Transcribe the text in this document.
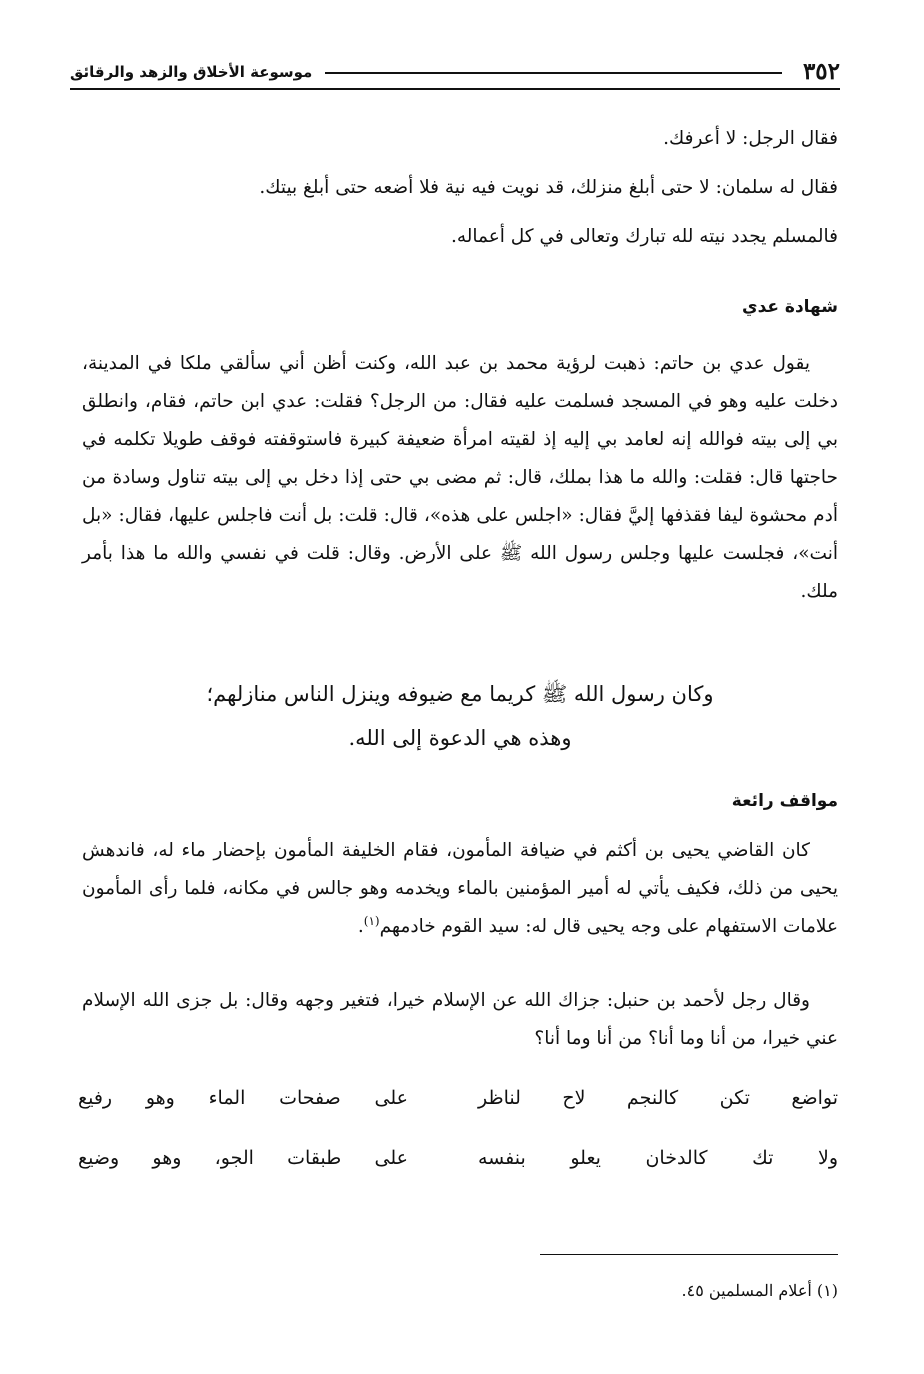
٣٥٢
موسوعة الأخلاق والزهد والرقائق

فقال الرجل: لا أعرفك.

فقال له سلمان: لا حتى أبلغ منزلك، قد نويت فيه نية فلا أضعه حتى أبلغ بيتك.

فالمسلم يجدد نيته لله تبارك وتعالى في كل أعماله.

شهادة عدي
يقول عدي بن حاتم: ذهبت لرؤية محمد بن عبد الله، وكنت أظن أني سألقي ملكا في المدينة، دخلت عليه وهو في المسجد فسلمت عليه فقال: من الرجل؟ فقلت: عدي ابن حاتم، فقام، وانطلق بي إلى بيته فوالله إنه لعامد بي إليه إذ لقيته امرأة ضعيفة كبيرة فاستوقفته فوقف طويلا تكلمه في حاجتها قال: فقلت: والله ما هذا بملك، قال: ثم مضى بي حتى إذا دخل بي إلى بيته تناول وسادة من أدم محشوة ليفا فقذفها إليَّ فقال: «اجلس على هذه»، قال: قلت: بل أنت فاجلس عليها، فقال: «بل أنت»، فجلست عليها وجلس رسول الله ﷺ على الأرض. وقال: قلت في نفسي والله ما هذا بأمر ملك.
وكان رسول الله ﷺ كريما مع ضيوفه وينزل الناس منازلهم؛
وهذه هي الدعوة إلى الله.
مواقف رائعة
كان القاضي يحيى بن أكثم في ضيافة المأمون، فقام الخليفة المأمون بإحضار ماء له، فاندهش يحيى من ذلك، فكيف يأتي له أمير المؤمنين بالماء ويخدمه وهو جالس في مكانه، فلما رأى المأمون علامات الاستفهام على وجه يحيى قال له: سيد القوم خادمهم$^{(١)}$.
وقال رجل لأحمد بن حنبل: جزاك الله عن الإسلام خيرا، فتغير وجهه وقال: بل جزى الله الإسلام عني خيرا، من أنا وما أنا؟ من أنا وما أنا؟
تواضع تكن كالنجم لاح لناظر
على صفحات الماء وهو رفيع
ولا تك كالدخان يعلو بنفسه
على طبقات الجو، وهو وضيع
(١) أعلام المسلمين ٤٥.
